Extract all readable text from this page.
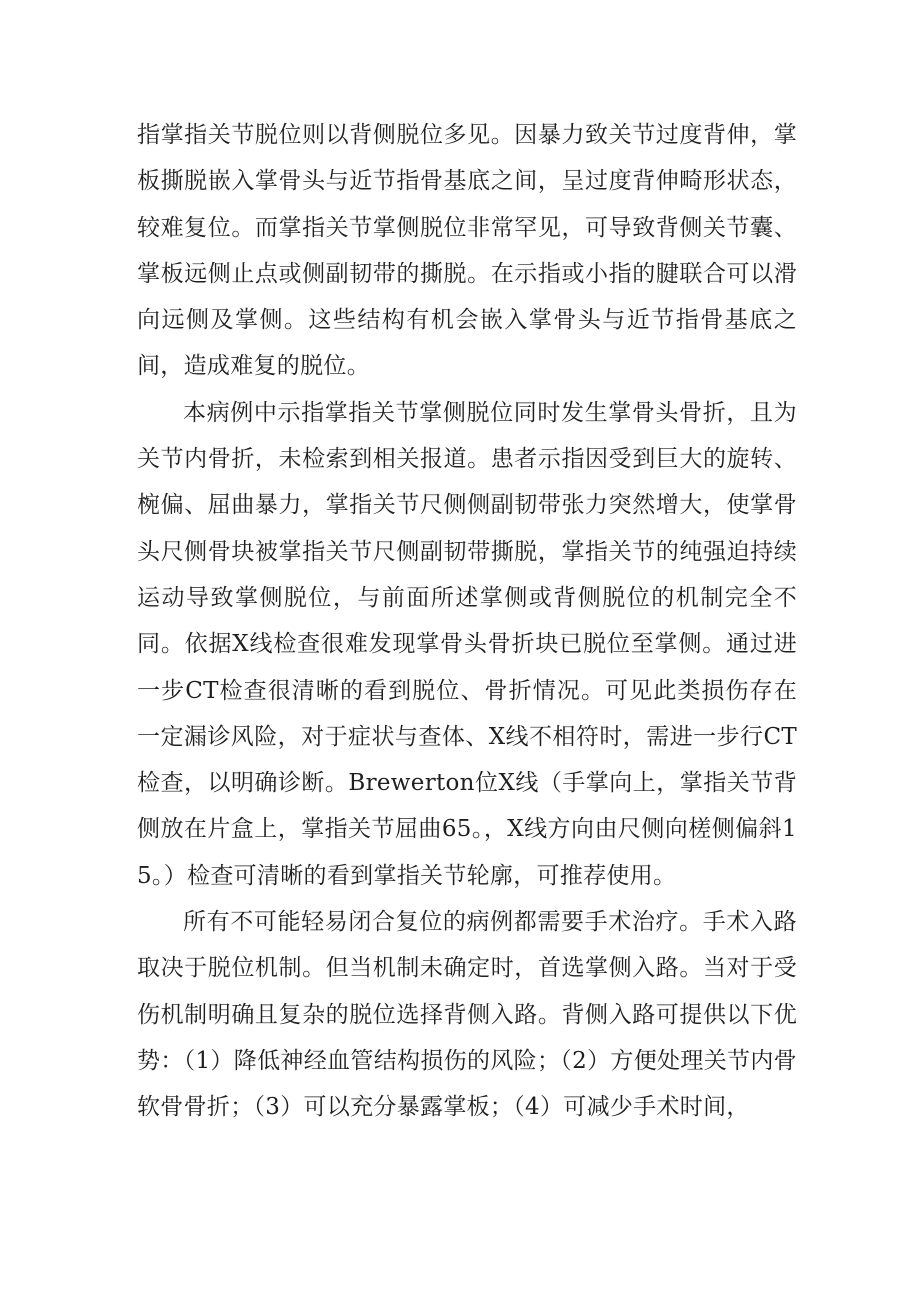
指掌指关节脱位则以背侧脱位多见。因暴力致关节过度背伸，掌板撕脱嵌入掌骨头与近节指骨基底之间，呈过度背伸畸形状态，较难复位。而掌指关节掌侧脱位非常罕见，可导致背侧关节囊、掌板远侧止点或侧副韧带的撕脱。在示指或小指的腱联合可以滑向远侧及掌侧。这些结构有机会嵌入掌骨头与近节指骨基底之间，造成难复的脱位。

本病例中示指掌指关节掌侧脱位同时发生掌骨头骨折，且为关节内骨折，未检索到相关报道。患者示指因受到巨大的旋转、椀偏、屈曲暴力，掌指关节尺侧侧副韧带张力突然增大，使掌骨头尺侧骨块被掌指关节尺侧副韧带撕脱，掌指关节的纯强迫持续运动导致掌侧脱位，与前面所述掌侧或背侧脱位的机制完全不同。依据X线检查很难发现掌骨头骨折块已脱位至掌侧。通过进一步CT检查很清晰的看到脱位、骨折情况。可见此类损伤存在一定漏诊风险，对于症状与查体、X线不相符时，需进一步行CT检查，以明确诊断。Brewerton位X线（手掌向上，掌指关节背侧放在片盒上，掌指关节屈曲65。，X线方向由尺侧向槎侧偏斜15。）检查可清晰的看到掌指关节轮廓，可推荐使用。

所有不可能轻易闭合复位的病例都需要手术治疗。手术入路取决于脱位机制。但当机制未确定时，首选掌侧入路。当对于受伤机制明确且复杂的脱位选择背侧入路。背侧入路可提供以下优势：（1）降低神经血管结构损伤的风险；（2）方便处理关节内骨软骨骨折；（3）可以充分暴露掌板；（4）可减少手术时间，
